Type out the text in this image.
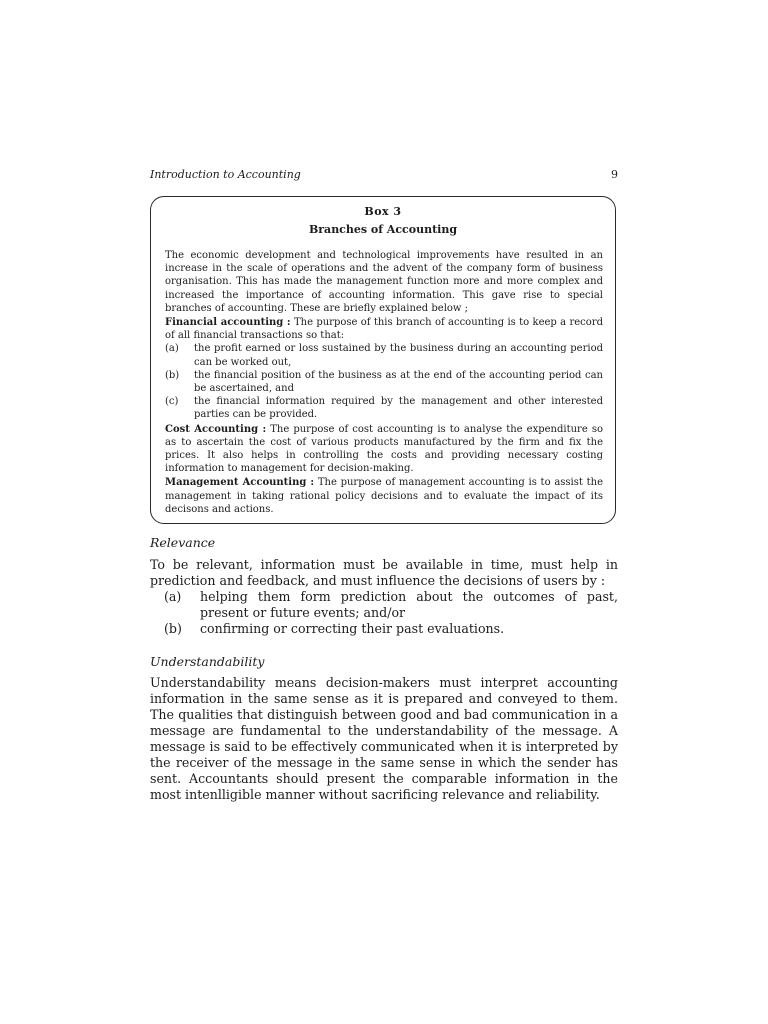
Introduction to Accounting	9
Box 3
Branches of Accounting

The economic development and technological improvements have resulted in an increase in the scale of operations and the advent of the company form of business organisation. This has made the management function more and more complex and increased the importance of accounting information. This gave rise to special branches of accounting. These are briefly explained below ;

Financial accounting : The purpose of this branch of accounting is to keep a record of all financial transactions so that:

(a)	the profit earned or loss sustained by the business during an accounting period can be worked out,
(b)	the financial position of the business as at the end of the accounting period can be ascertained, and
(c)	the financial information required by the management and other interested parties can be provided.

Cost Accounting : The purpose of cost accounting is to analyse the expenditure so as to ascertain the cost of various products manufactured by the firm and fix the prices. It also helps in controlling the costs and providing necessary costing information to management for decision-making.

Management Accounting : The purpose of management accounting is to assist the management in taking rational policy decisions and to evaluate the impact of its decisons and actions.

Relevance

To be relevant, information must be available in time, must help in prediction and feedback, and must influence the decisions of users by :

(a)	helping them form prediction about the outcomes of past, present or future events; and/or
(b)	confirming or correcting their past evaluations.
Understandability

Understandability means decision-makers must interpret accounting information in the same sense as it is prepared and conveyed to them. The qualities that distinguish between good and bad communication in a message are fundamental to the understandability of the message. A message is said to be effectively communicated when it is interpreted by the receiver of the message in the same sense in which the sender has sent. Accountants should present the comparable information in the most intenlligible manner without sacrificing relevance and reliability.
